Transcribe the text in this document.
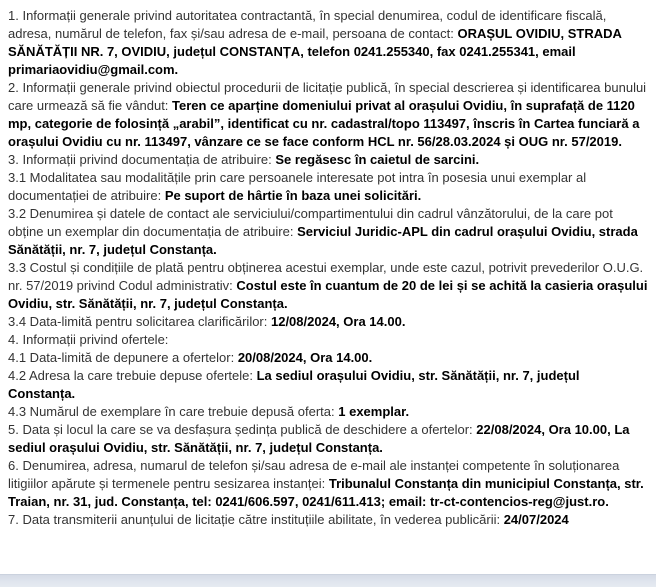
1. Informații generale privind autoritatea contractantă, în special denumirea, codul de identificare fiscală, adresa, numărul de telefon, fax și/sau adresa de e-mail, persoana de contact: ORAȘUL OVIDIU, STRADA SĂNĂTĂȚII NR. 7, OVIDIU, județul CONSTANȚA, telefon 0241.255340, fax 0241.255341, email primariaovidiu@gmail.com.

2. Informații generale privind obiectul procedurii de licitație publică, în special descrierea și identificarea bunului care urmează să fie vândut: Teren ce aparține domeniului privat al orașului Ovidiu, în suprafață de 1120 mp, categorie de folosință „arabil”, identificat cu nr. cadastral/topo 113497, înscris în Cartea funciară a orașului Ovidiu cu nr. 113497, vânzare ce se face conform HCL nr. 56/28.03.2024 și OUG nr. 57/2019.

3. Informații privind documentația de atribuire: Se regăsesc în caietul de sarcini.

3.1 Modalitatea sau modalitățile prin care persoanele interesate pot intra în posesia unui exemplar al documentației de atribuire: Pe suport de hârtie în baza unei solicitări.

3.2 Denumirea și datele de contact ale serviciului/compartimentului din cadrul vânzătorului, de la care pot obține un exemplar din documentația de atribuire: Serviciul Juridic-APL din cadrul orașului Ovidiu, strada Sănătății, nr. 7, județul Constanța.

3.3 Costul și condițiile de plată pentru obținerea acestui exemplar, unde este cazul, potrivit prevederilor O.U.G. nr. 57/2019 privind Codul administrativ: Costul este în cuantum de 20 de lei și se achită la casieria orașului Ovidiu, str. Sănătății, nr. 7, județul Constanța.

3.4 Data-limită pentru solicitarea clarificărilor: 12/08/2024, Ora 14.00.

4. Informații privind ofertele:

4.1 Data-limită de depunere a ofertelor: 20/08/2024, Ora 14.00.

4.2 Adresa la care trebuie depuse ofertele: La sediul orașului Ovidiu, str. Sănătății, nr. 7, județul Constanța.

4.3 Numărul de exemplare în care trebuie depusă oferta: 1 exemplar.

5. Data și locul la care se va desfașura ședința publică de deschidere a ofertelor: 22/08/2024, Ora 10.00, La sediul orașului Ovidiu, str. Sănătății, nr. 7, județul Constanța.

6. Denumirea, adresa, numarul de telefon și/sau adresa de e-mail ale instanței competente în soluționarea litigiilor apărute și termenele pentru sesizarea instanței: Tribunalul Constanța din municipiul Constanța, str. Traian, nr. 31, jud. Constanța, tel: 0241/606.597, 0241/611.413; email: tr-ct-contencios-reg@just.ro.

7. Data transmiterii anunțului de licitație către instituțiile abilitate, în vederea publicării: 24/07/2024
